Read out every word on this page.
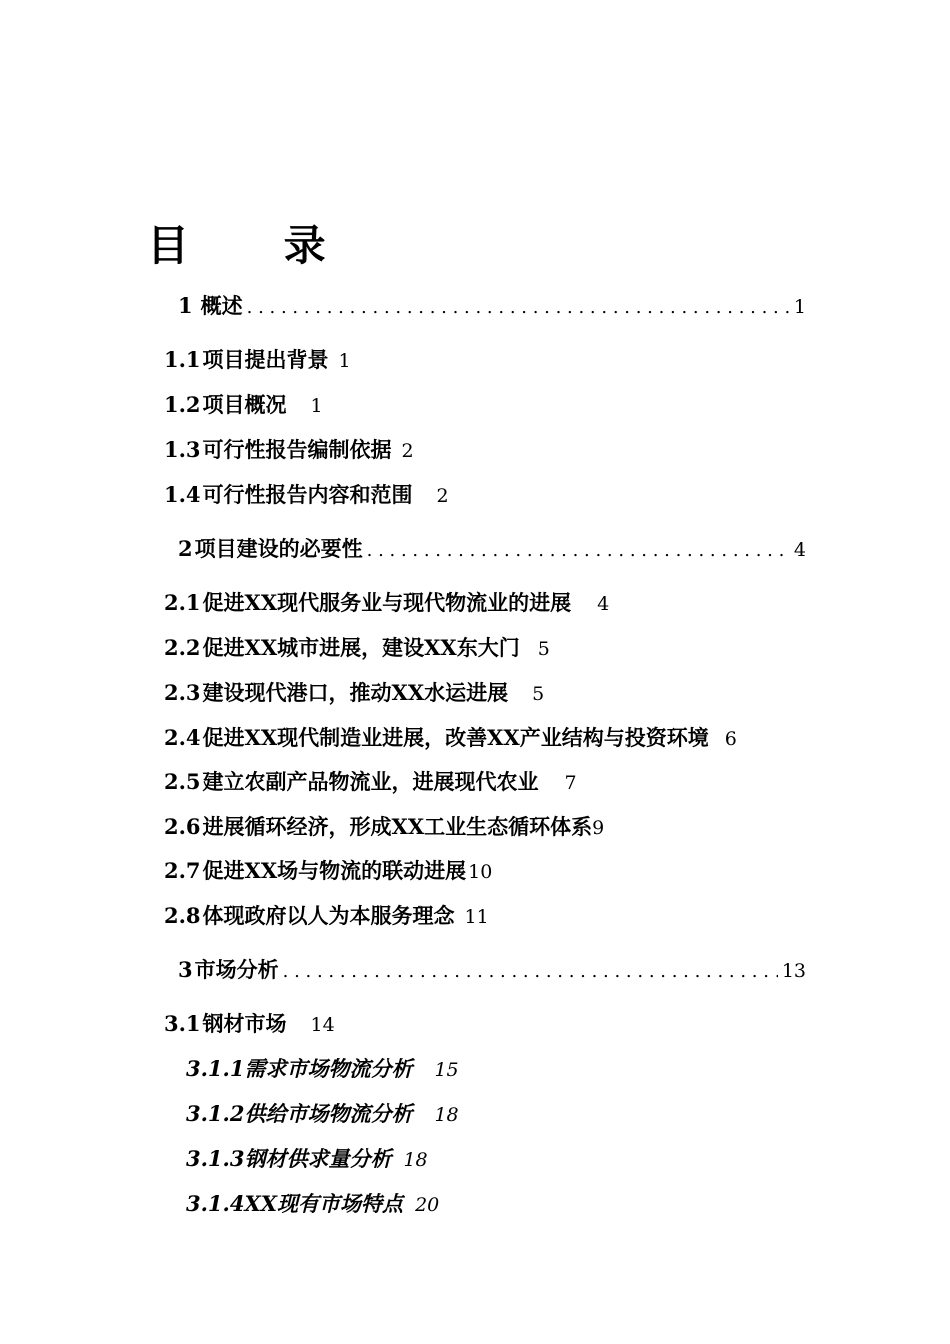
目 录
1 概述 . . .	1
1.1项目提出背景 1
1.2项目概况 1
1.3可行性报告编制依据 2
1.4可行性报告内容和范围 2
2 项目建设的必要性 . . .	4
2.1促进XX现代服务业与现代物流业的进展 4
2.2促进XX城市进展，建设XX东大门 5
2.3建设现代港口，推动XX水运进展 5
2.4促进XX现代制造业进展，改善XX产业结构与投资环境 6
2.5建立农副产品物流业，进展现代农业 7
2.6进展循环经济，形成XX工业生态循环体系9
2.7促进XX场与物流的联动进展 10
2.8体现政府以人为本服务理念 11
3 市场分析 . . .	13
3.1钢材市场 14
3.1.1需求市场物流分析 15
3.1.2供给市场物流分析 18
3.1.3钢材供求量分析 18
3.1.4XX现有市场特点 20
